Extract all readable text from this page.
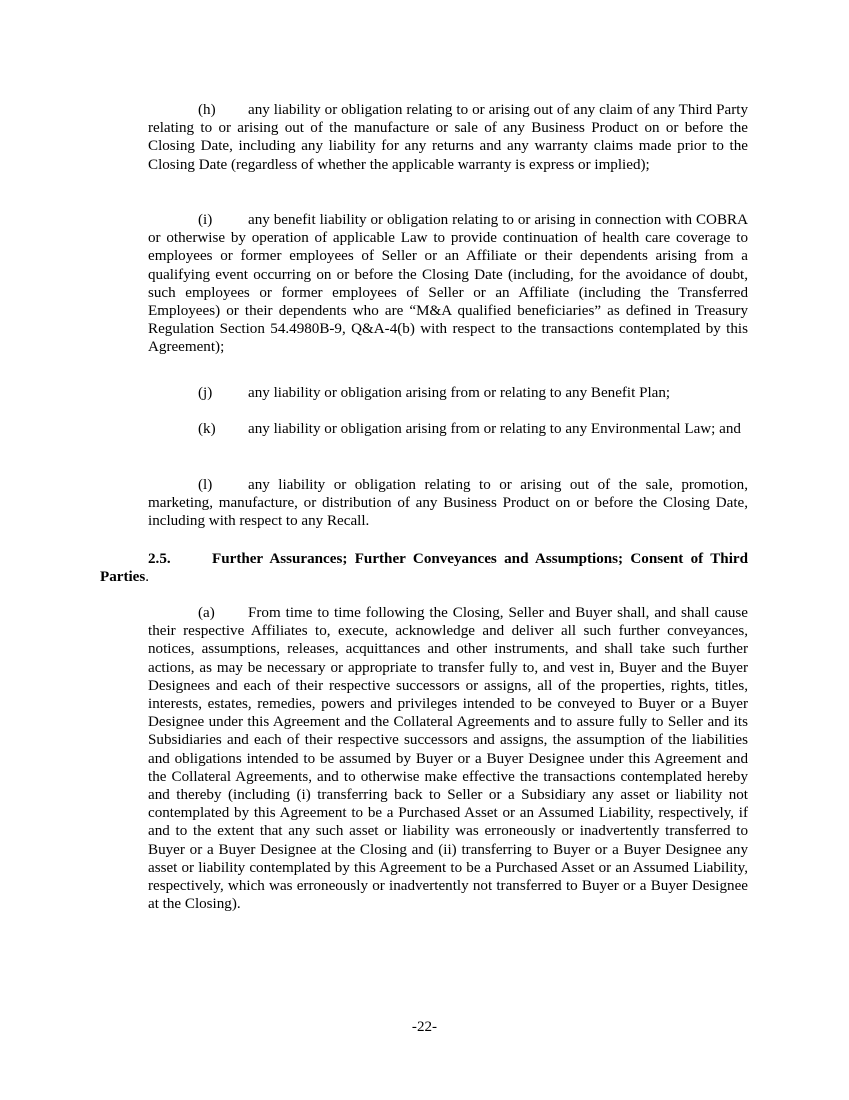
(h) any liability or obligation relating to or arising out of any claim of any Third Party relating to or arising out of the manufacture or sale of any Business Product on or before the Closing Date, including any liability for any returns and any warranty claims made prior to the Closing Date (regardless of whether the applicable warranty is express or implied);

(i) any benefit liability or obligation relating to or arising in connection with COBRA or otherwise by operation of applicable Law to provide continuation of health care coverage to employees or former employees of Seller or an Affiliate or their dependents arising from a qualifying event occurring on or before the Closing Date (including, for the avoidance of doubt, such employees or former employees of Seller or an Affiliate (including the Transferred Employees) or their dependents who are “M&A qualified beneficiaries” as defined in Treasury Regulation Section 54.4980B-9, Q&A-4(b) with respect to the transactions contemplated by this Agreement);

(j) any liability or obligation arising from or relating to any Benefit Plan;

(k) any liability or obligation arising from or relating to any Environmental Law; and

(l) any liability or obligation relating to or arising out of the sale, promotion, marketing, manufacture, or distribution of any Business Product on or before the Closing Date, including with respect to any Recall.

2.5.	Further Assurances; Further Conveyances and Assumptions; Consent of Third Parties.

(a) From time to time following the Closing, Seller and Buyer shall, and shall cause their respective Affiliates to, execute, acknowledge and deliver all such further conveyances, notices, assumptions, releases, acquittances and other instruments, and shall take such further actions, as may be necessary or appropriate to transfer fully to, and vest in, Buyer and the Buyer Designees and each of their respective successors or assigns, all of the properties, rights, titles, interests, estates, remedies, powers and privileges intended to be conveyed to Buyer or a Buyer Designee under this Agreement and the Collateral Agreements and to assure fully to Seller and its Subsidiaries and each of their respective successors and assigns, the assumption of the liabilities and obligations intended to be assumed by Buyer or a Buyer Designee under this Agreement and the Collateral Agreements, and to otherwise make effective the transactions contemplated hereby and thereby (including (i) transferring back to Seller or a Subsidiary any asset or liability not contemplated by this Agreement to be a Purchased Asset or an Assumed Liability, respectively, if and to the extent that any such asset or liability was erroneously or inadvertently transferred to Buyer or a Buyer Designee at the Closing and (ii) transferring to Buyer or a Buyer Designee any asset or liability contemplated by this Agreement to be a Purchased Asset or an Assumed Liability, respectively, which was erroneously or inadvertently not transferred to Buyer or a Buyer Designee at the Closing).

-22-
